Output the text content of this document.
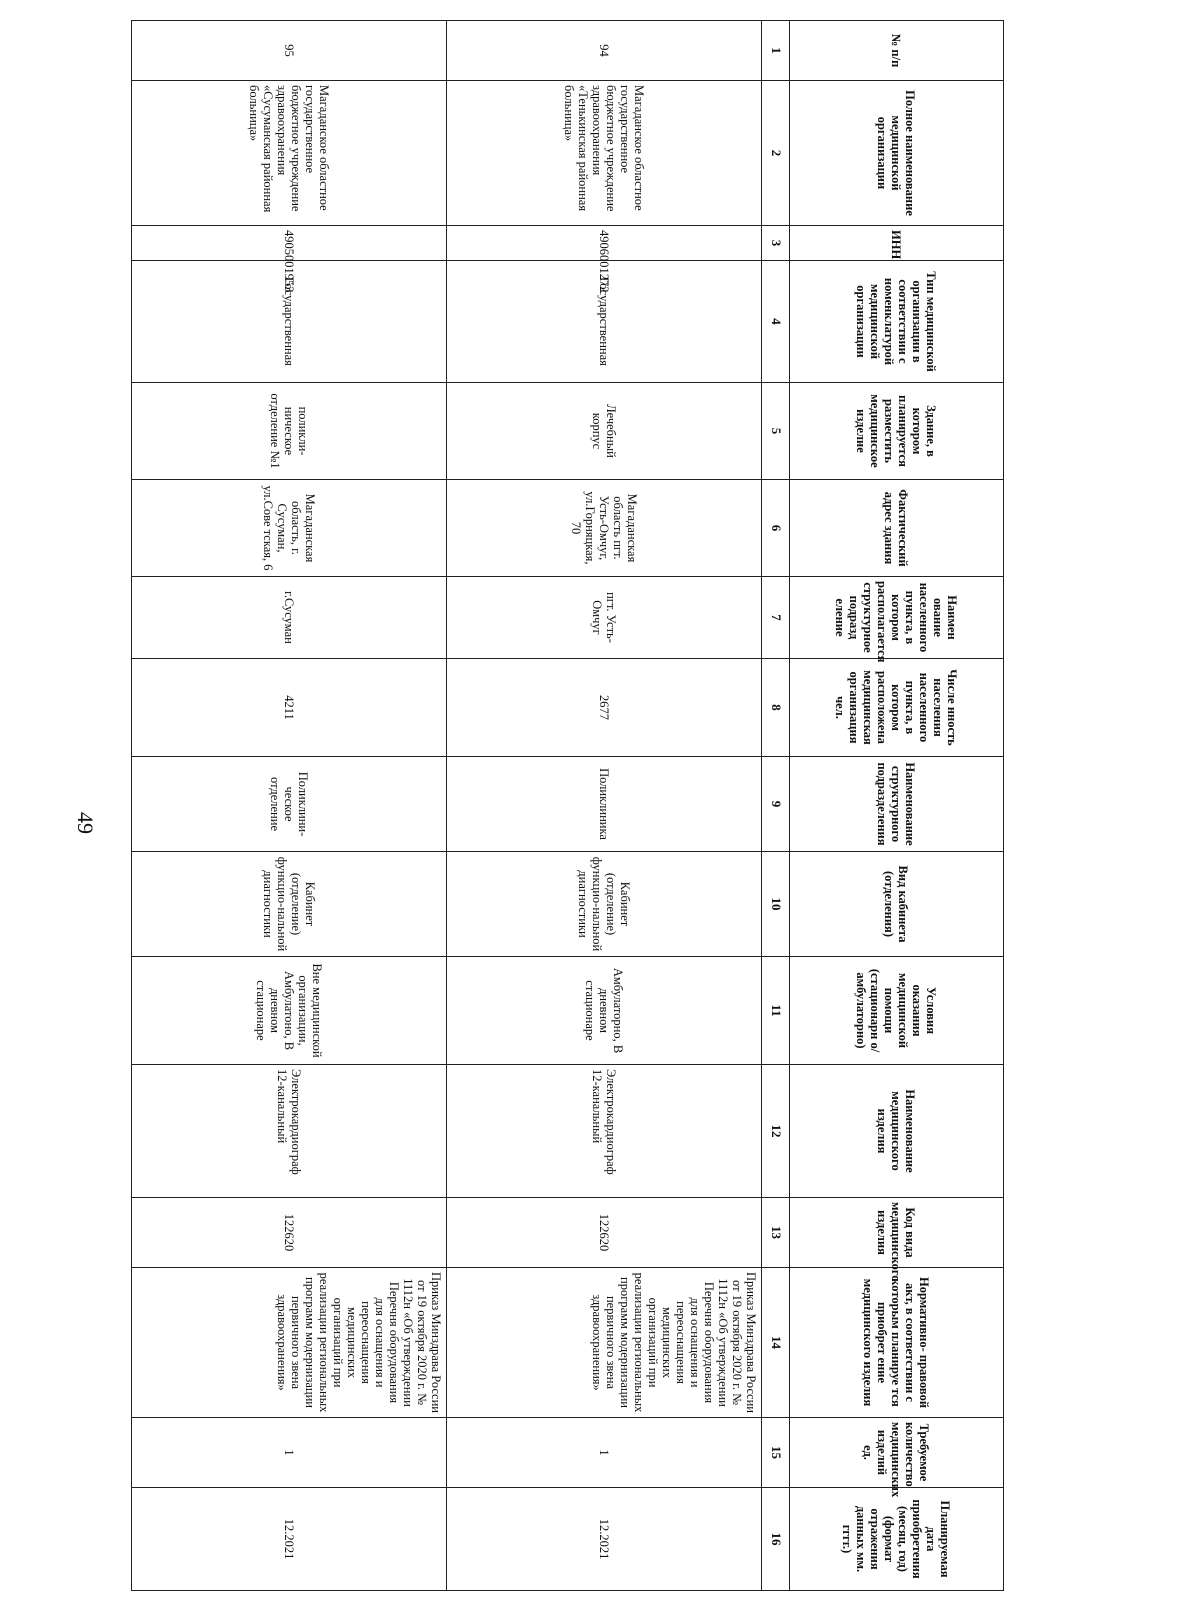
49
№ п/п	Полное наименование медицинской организации	ИНН	Тип медицинской организации в соответствии с номенклатурой медицинской организации	Здание, в котором планируется разместить медицинское изделие	Фактический адрес здания	Наимен ование населенного пункта, в котором располагается структурное подразд еление	Числе нность населения населенного пункта, в котором расположена медицинская организация чел.	Наименование структурного подразделения	Вид кабинета (отделения)	Условия оказания медицинской помощи (стационарн о/амбулаторно)	Наименование медицинского изделия	Код вида медицинского изделия	Нормативно- правовой акт, в соответствии с которым планируе тся приобрет ение медицинского изделия	Требуемое количество медицинских изделий ед.	Планируемая дата приобретения (месяц, год) (формат отражения данных мм. гггг.)
1	2	3	4	5	6	7	8	9	10	11	12	13	14	15	16
94	Магаданское областное государственное бюджетное учреждение здравоохранения «Тенькинская районная больница»	4906001272	Государственная	Лечебный корпус	Магаданская область пгт. Усть-Омчуг, ул.Горняцкая, 70	пгт. Усть-Омчуг	2677	Поликлиника	Кабинет (отделение) функцио-нальной диагностики	Амбулаторно, В дневном стационаре	Электрокардиограф 12-канальный	122620	Приказ Минздрава России от 19 октября 2020 г. № 1112н «Об утверждении Перечня оборудования для оснащения и переоснащения медицинских организаций при реализации региональных программ модернизации первичного звена здравоохранения»	1	12.2021
95	Магаданское областное государственное бюджетное учреждение здравоохранения «Сусуманская районная больница»	4905001953	Государственная	поликли-ническое отделение №1	Магаданская область, г. Сусуман, ул.Сове тская, 6	г.Сусуман	4211	Поликлини-ческое отделение	Кабинет (отделение) функцио-нальной диагностики	Вне медицинской организации, Амбулатоно, В дневном стационаре	Электрокардиограф 12-канальный	122620	Приказ Минздрава России от 19 октября 2020 г. № 1112н «Об утверждении Перечня оборудования для оснащения и переоснащения медицинских организаций при реализации региональных программ модернизации первичного звена здравоохранения»	1	12.2021
